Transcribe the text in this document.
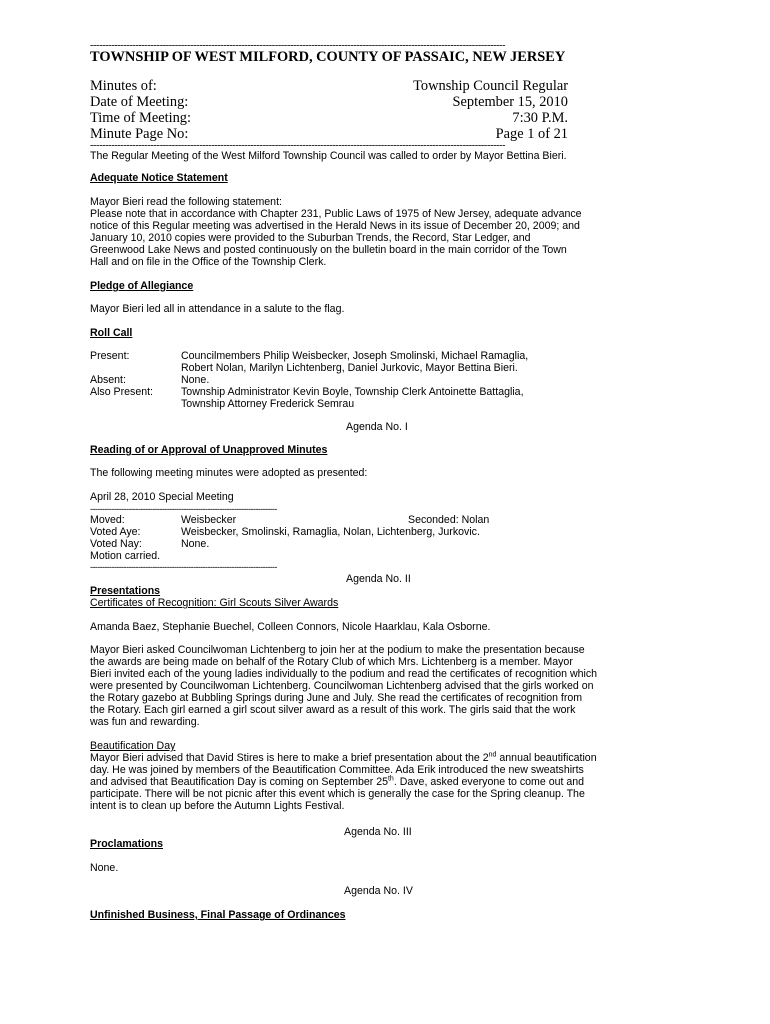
-----------------------------------------------------------------------------------------------------------------------------------------
TOWNSHIP OF WEST MILFORD, COUNTY OF PASSAIC, NEW JERSEY
Minutes of:	Township Council Regular
Date of Meeting:	September 15, 2010
Time of Meeting:	7:30 P.M.
Minute Page No:	Page 1 of 21
-----------------------------------------------------------------------------------------------------------------------------------------
The Regular Meeting of the West Milford Township Council was called to order by Mayor Bettina Bieri.
Adequate Notice Statement
Mayor Bieri read the following statement:
Please note that in accordance with Chapter 231, Public Laws of 1975 of New Jersey, adequate advance
notice of this Regular meeting was advertised in the Herald News in its issue of December 20, 2009; and
January 10, 2010 copies were provided to the Suburban Trends, the Record, Star Ledger, and
Greenwood Lake News and posted continuously on the bulletin board in the main corridor of the Town
Hall and on file in the Office of the Township Clerk.
Pledge of Allegiance
Mayor Bieri led all in attendance in a salute to the flag.
Roll Call
Present:	Councilmembers Philip Weisbecker, Joseph Smolinski, Michael Ramaglia,
Robert Nolan, Marilyn Lichtenberg, Daniel Jurkovic, Mayor Bettina Bieri.
Absent:	None.
Also Present:	Township Administrator Kevin Boyle, Township Clerk Antoinette Battaglia,
Township Attorney Frederick Semrau
Agenda No. I
Reading of or Approval of Unapproved Minutes
The following meeting minutes were adopted as presented:
April 28, 2010 Special Meeting
------------------------------------------------------------------------------
Moved:	Weisbecker	Seconded: Nolan
Voted Aye:	Weisbecker, Smolinski, Ramaglia, Nolan, Lichtenberg, Jurkovic.
Voted Nay:	None.
Motion carried.
------------------------------------------------------------------------------
Agenda No. II
Presentations
Certificates of Recognition: Girl Scouts Silver Awards
Amanda Baez, Stephanie Buechel, Colleen Connors, Nicole Haarklau, Kala Osborne.
Mayor Bieri asked Councilwoman Lichtenberg to join her at the podium to make the presentation because
the awards are being made on behalf of the Rotary Club of which Mrs. Lichtenberg is a member. Mayor
Bieri invited each of the young ladies individually to the podium and read the certificates of recognition which
were presented by Councilwoman Lichtenberg. Councilwoman Lichtenberg advised that the girls worked on
the Rotary gazebo at Bubbling Springs during June and July. She read the certificates of recognition from
the Rotary. Each girl earned a girl scout silver award as a result of this work. The girls said that the work
was fun and rewarding.
Beautification Day
Mayor Bieri advised that David Stires is here to make a brief presentation about the 2nd annual beautification
day. He was joined by members of the Beautification Committee. Ada Erik introduced the new sweatshirts
and advised that Beautification Day is coming on September 25th. Dave, asked everyone to come out and
participate. There will be not picnic after this event which is generally the case for the Spring cleanup. The
intent is to clean up before the Autumn Lights Festival.
Agenda No. III
Proclamations
None.
Agenda No. IV
Unfinished Business, Final Passage of Ordinances
